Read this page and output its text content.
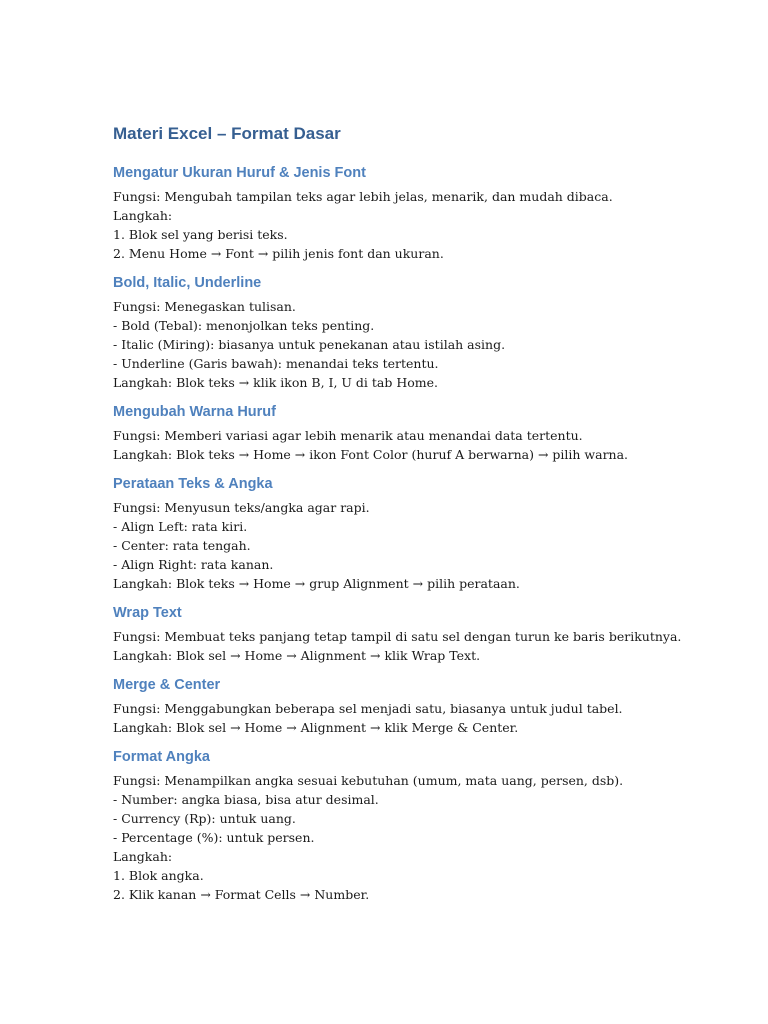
Materi Excel – Format Dasar
Mengatur Ukuran Huruf & Jenis Font
Fungsi: Mengubah tampilan teks agar lebih jelas, menarik, dan mudah dibaca.
Langkah:
1. Blok sel yang berisi teks.
2. Menu Home → Font → pilih jenis font dan ukuran.
Bold, Italic, Underline
Fungsi: Menegaskan tulisan.
- Bold (Tebal): menonjolkan teks penting.
- Italic (Miring): biasanya untuk penekanan atau istilah asing.
- Underline (Garis bawah): menandai teks tertentu.
Langkah: Blok teks → klik ikon B, I, U di tab Home.
Mengubah Warna Huruf
Fungsi: Memberi variasi agar lebih menarik atau menandai data tertentu.
Langkah: Blok teks → Home → ikon Font Color (huruf A berwarna) → pilih warna.
Perataan Teks & Angka
Fungsi: Menyusun teks/angka agar rapi.
- Align Left: rata kiri.
- Center: rata tengah.
- Align Right: rata kanan.
Langkah: Blok teks → Home → grup Alignment → pilih perataan.
Wrap Text
Fungsi: Membuat teks panjang tetap tampil di satu sel dengan turun ke baris berikutnya.
Langkah: Blok sel → Home → Alignment → klik Wrap Text.
Merge & Center
Fungsi: Menggabungkan beberapa sel menjadi satu, biasanya untuk judul tabel.
Langkah: Blok sel → Home → Alignment → klik Merge & Center.
Format Angka
Fungsi: Menampilkan angka sesuai kebutuhan (umum, mata uang, persen, dsb).
- Number: angka biasa, bisa atur desimal.
- Currency (Rp): untuk uang.
- Percentage (%): untuk persen.
Langkah:
1. Blok angka.
2. Klik kanan → Format Cells → Number.
